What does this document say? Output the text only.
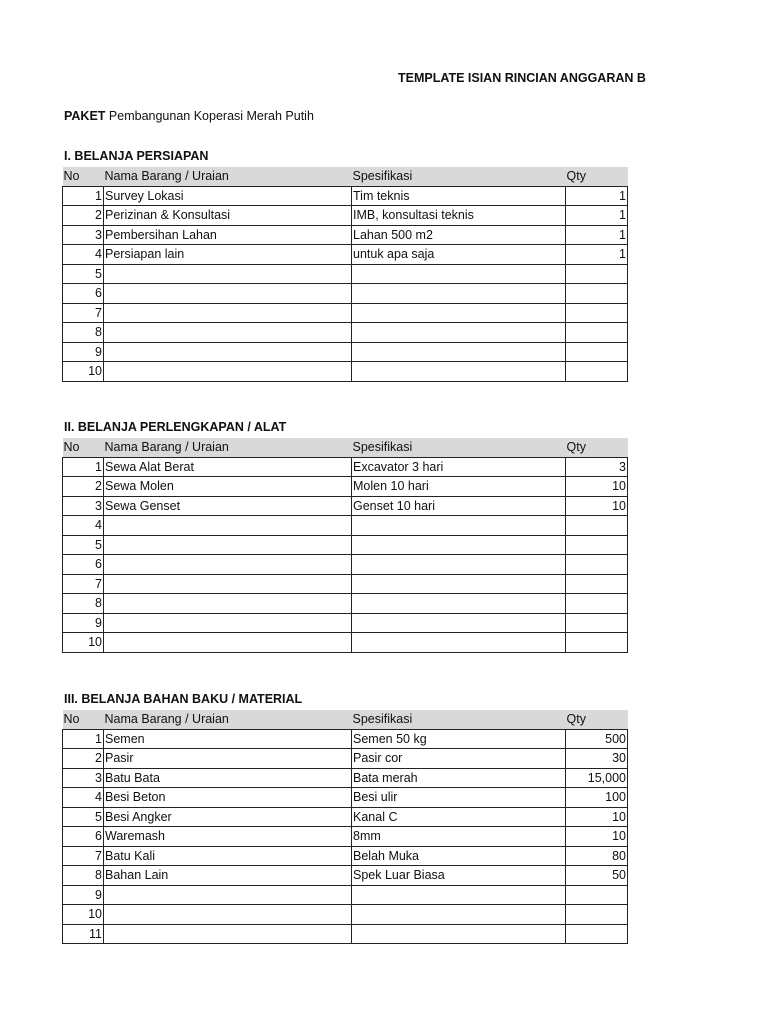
TEMPLATE ISIAN RINCIAN ANGGARAN B
PAKET Pembangunan Koperasi Merah Putih
I. BELANJA PERSIAPAN
No	Nama Barang / Uraian	Spesifikasi	Qty
1	Survey Lokasi	Tim teknis	1
2	Perizinan & Konsultasi	IMB, konsultasi teknis	1
3	Pembersihan Lahan	Lahan 500 m2	1
4	Persiapan lain	untuk apa saja	1
5			
6			
7			
8			
9			
10			
II. BELANJA PERLENGKAPAN / ALAT
No	Nama Barang / Uraian	Spesifikasi	Qty
1	Sewa Alat Berat	Excavator 3 hari	3
2	Sewa Molen	Molen 10 hari	10
3	Sewa Genset	Genset 10 hari	10
4			
5			
6			
7			
8			
9			
10			
III. BELANJA BAHAN BAKU / MATERIAL
No	Nama Barang / Uraian	Spesifikasi	Qty
1	Semen	Semen 50 kg	500
2	Pasir	Pasir cor	30
3	Batu Bata	Bata merah	15,000
4	Besi Beton	Besi ulir	100
5	Besi Angker	Kanal C	10
6	Waremash	8mm	10
7	Batu Kali	Belah Muka	80
8	Bahan Lain	Spek Luar Biasa	50
9			
10			
11			
